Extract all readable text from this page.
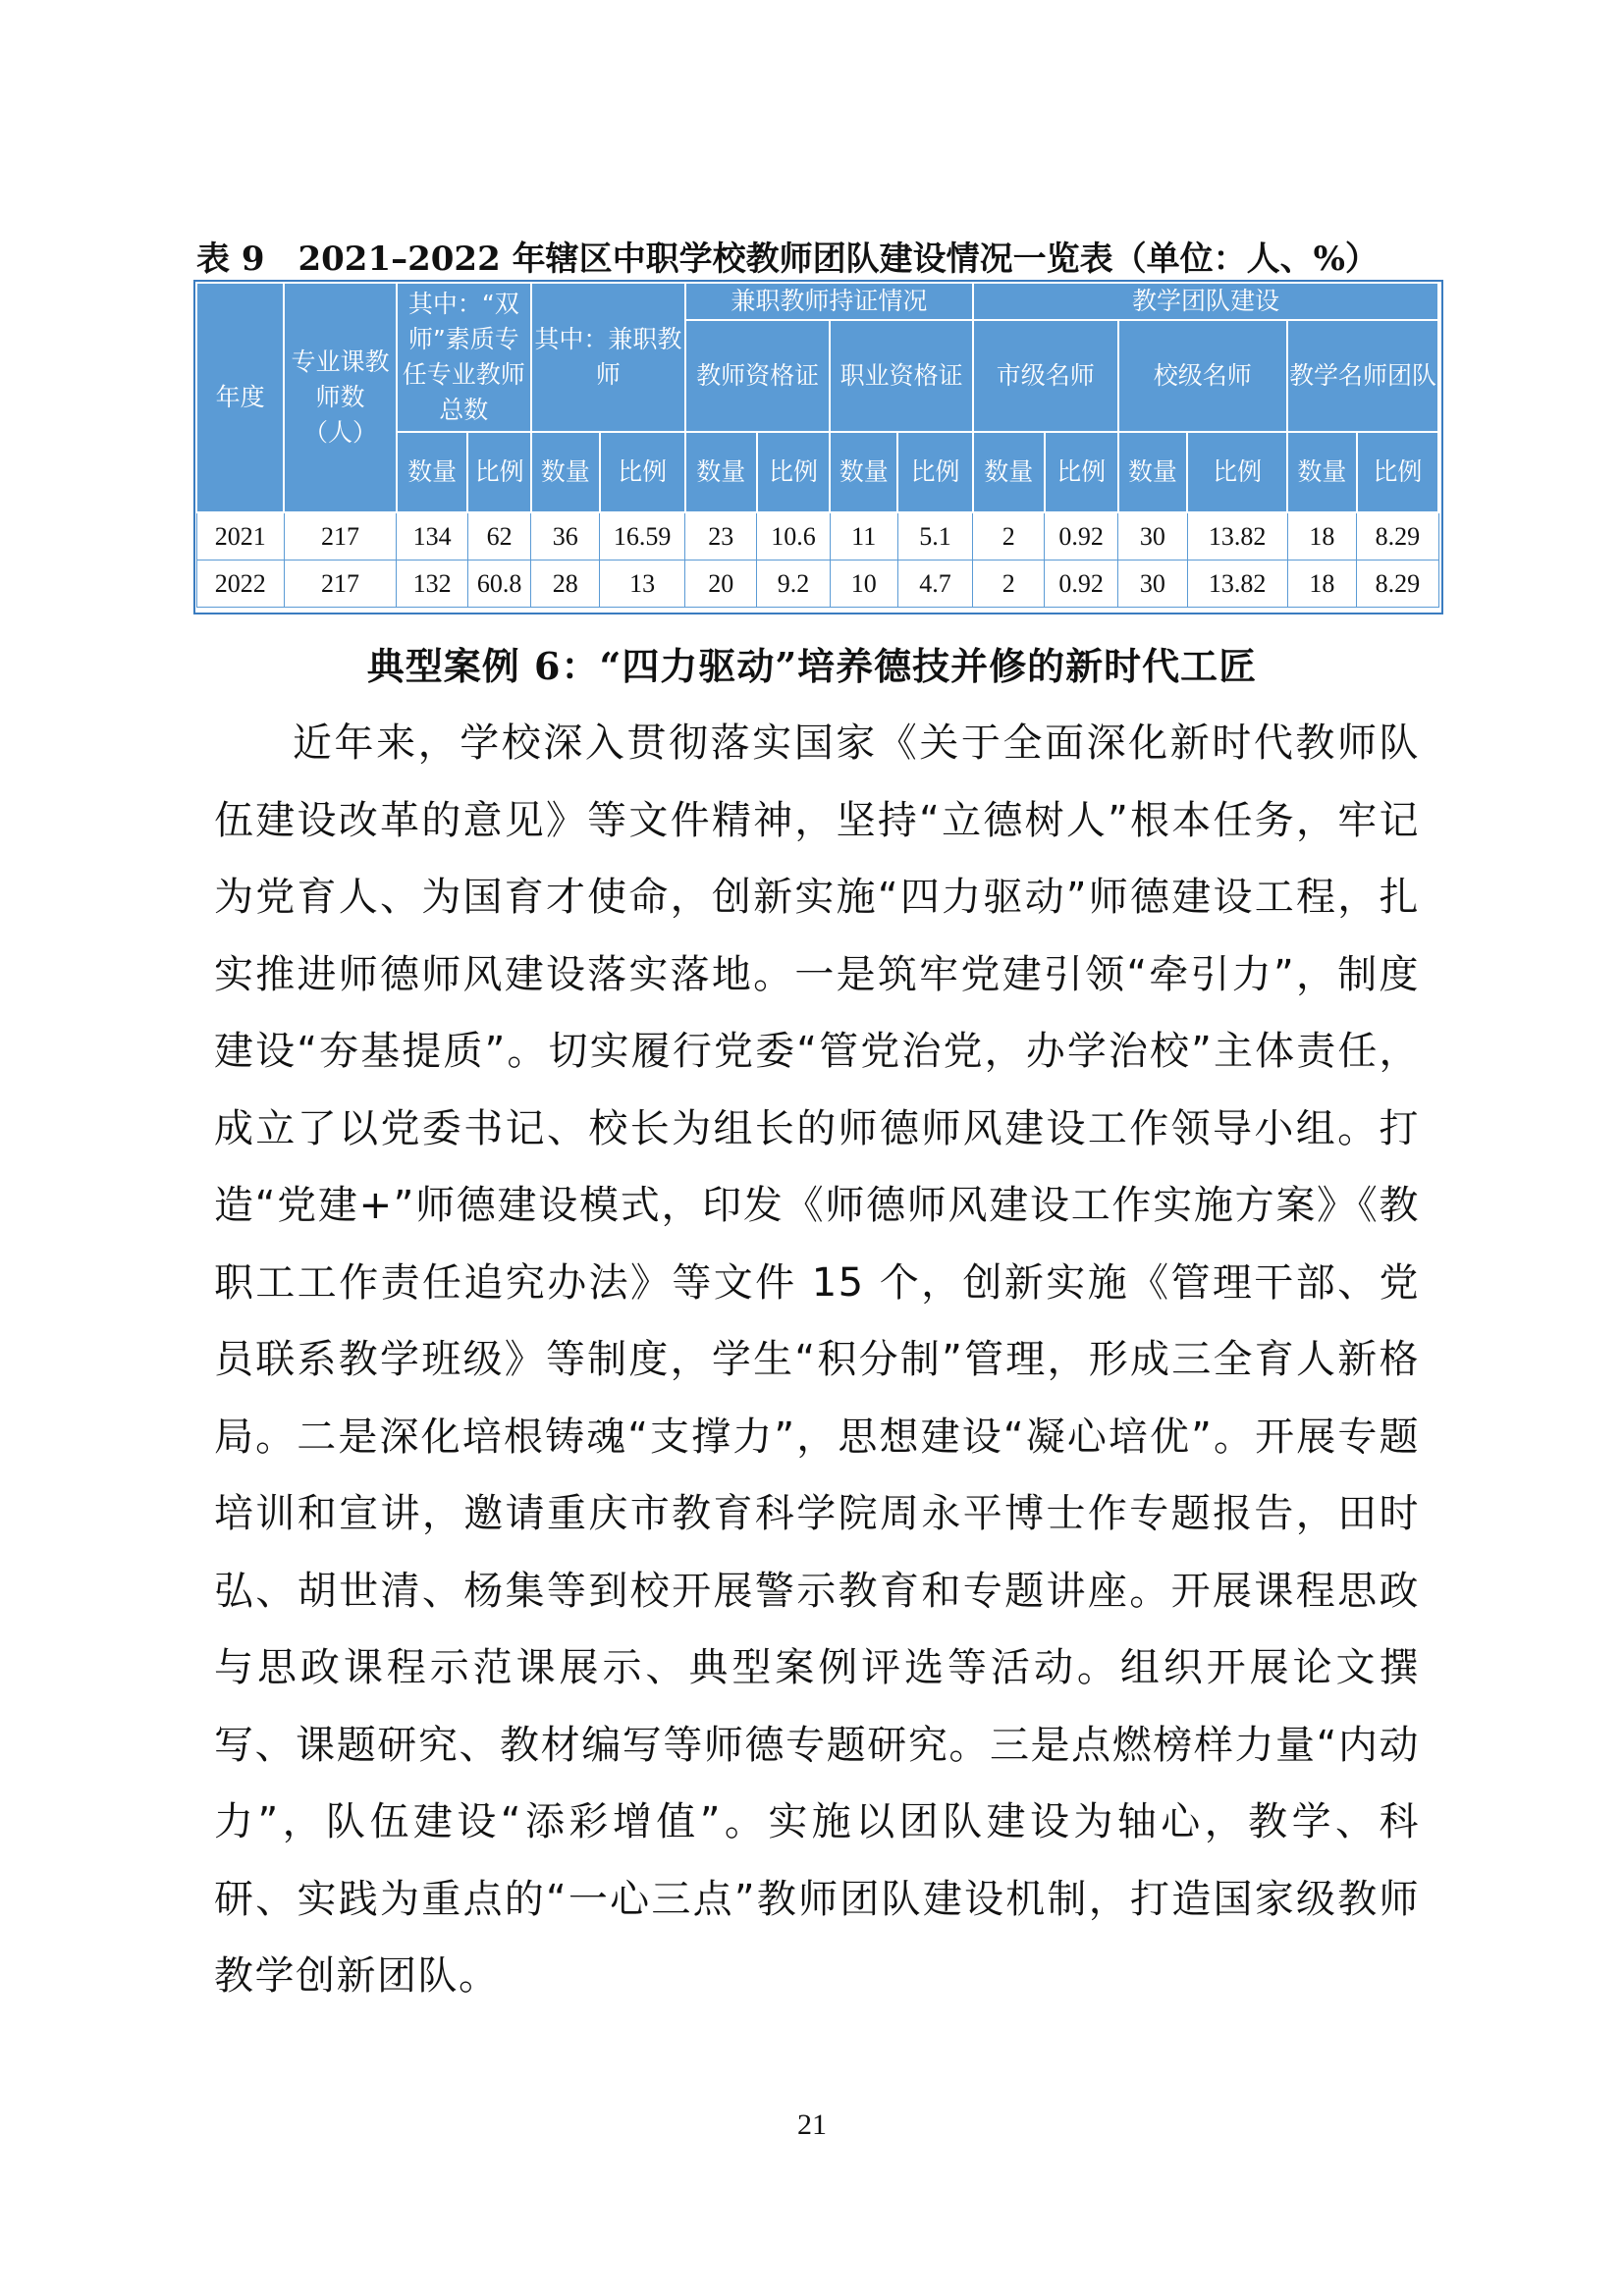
表 9　2021–2022 年辖区中职学校教师团队建设情况一览表（单位：人、%）
年度	专业课教师数（人）	其中：“双师”素质专任专业教师总数		其中：兼职教师		兼职教师持证情况				教学团队建设					
						教师资格证		职业资格证		市级名师		校级名师		教学名师团队	
		数量	比例	数量	比例	数量	比例	数量	比例	数量	比例	数量	比例	数量	比例
2021	217	134	62	36	16.59	23	10.6	11	5.1	2	0.92	30	13.82	18	8.29
2022	217	132	60.8	28	13	20	9.2	10	4.7	2	0.92	30	13.82	18	8.29
典型案例 6：“四力驱动”培养德技并修的新时代工匠

近年来，学校深入贯彻落实国家《关于全面深化新时代教师队伍建设改革的意见》等文件精神，坚持“立德树人”根本任务，牢记为党育人、为国育才使命，创新实施“四力驱动”师德建设工程，扎实推进师德师风建设落实落地。一是筑牢党建引领“牵引力”，制度建设“夯基提质”。切实履行党委“管党治党，办学治校”主体责任，成立了以党委书记、校长为组长的师德师风建设工作领导小组。打造“党建+”师德建设模式，印发《师德师风建设工作实施方案》《教职工工作责任追究办法》等文件 15 个，创新实施《管理干部、党员联系教学班级》等制度，学生“积分制”管理，形成三全育人新格局。二是深化培根铸魂“支撑力”，思想建设“凝心培优”。开展专题培训和宣讲，邀请重庆市教育科学院周永平博士作专题报告，田时弘、胡世清、杨集等到校开展警示教育和专题讲座。开展课程思政与思政课程示范课展示、典型案例评选等活动。组织开展论文撰写、课题研究、教材编写等师德专题研究。三是点燃榜样力量“内动力”，队伍建设“添彩增值”。实施以团队建设为轴心，教学、科研、实践为重点的“一心三点”教师团队建设机制，打造国家级教师教学创新团队。

21
